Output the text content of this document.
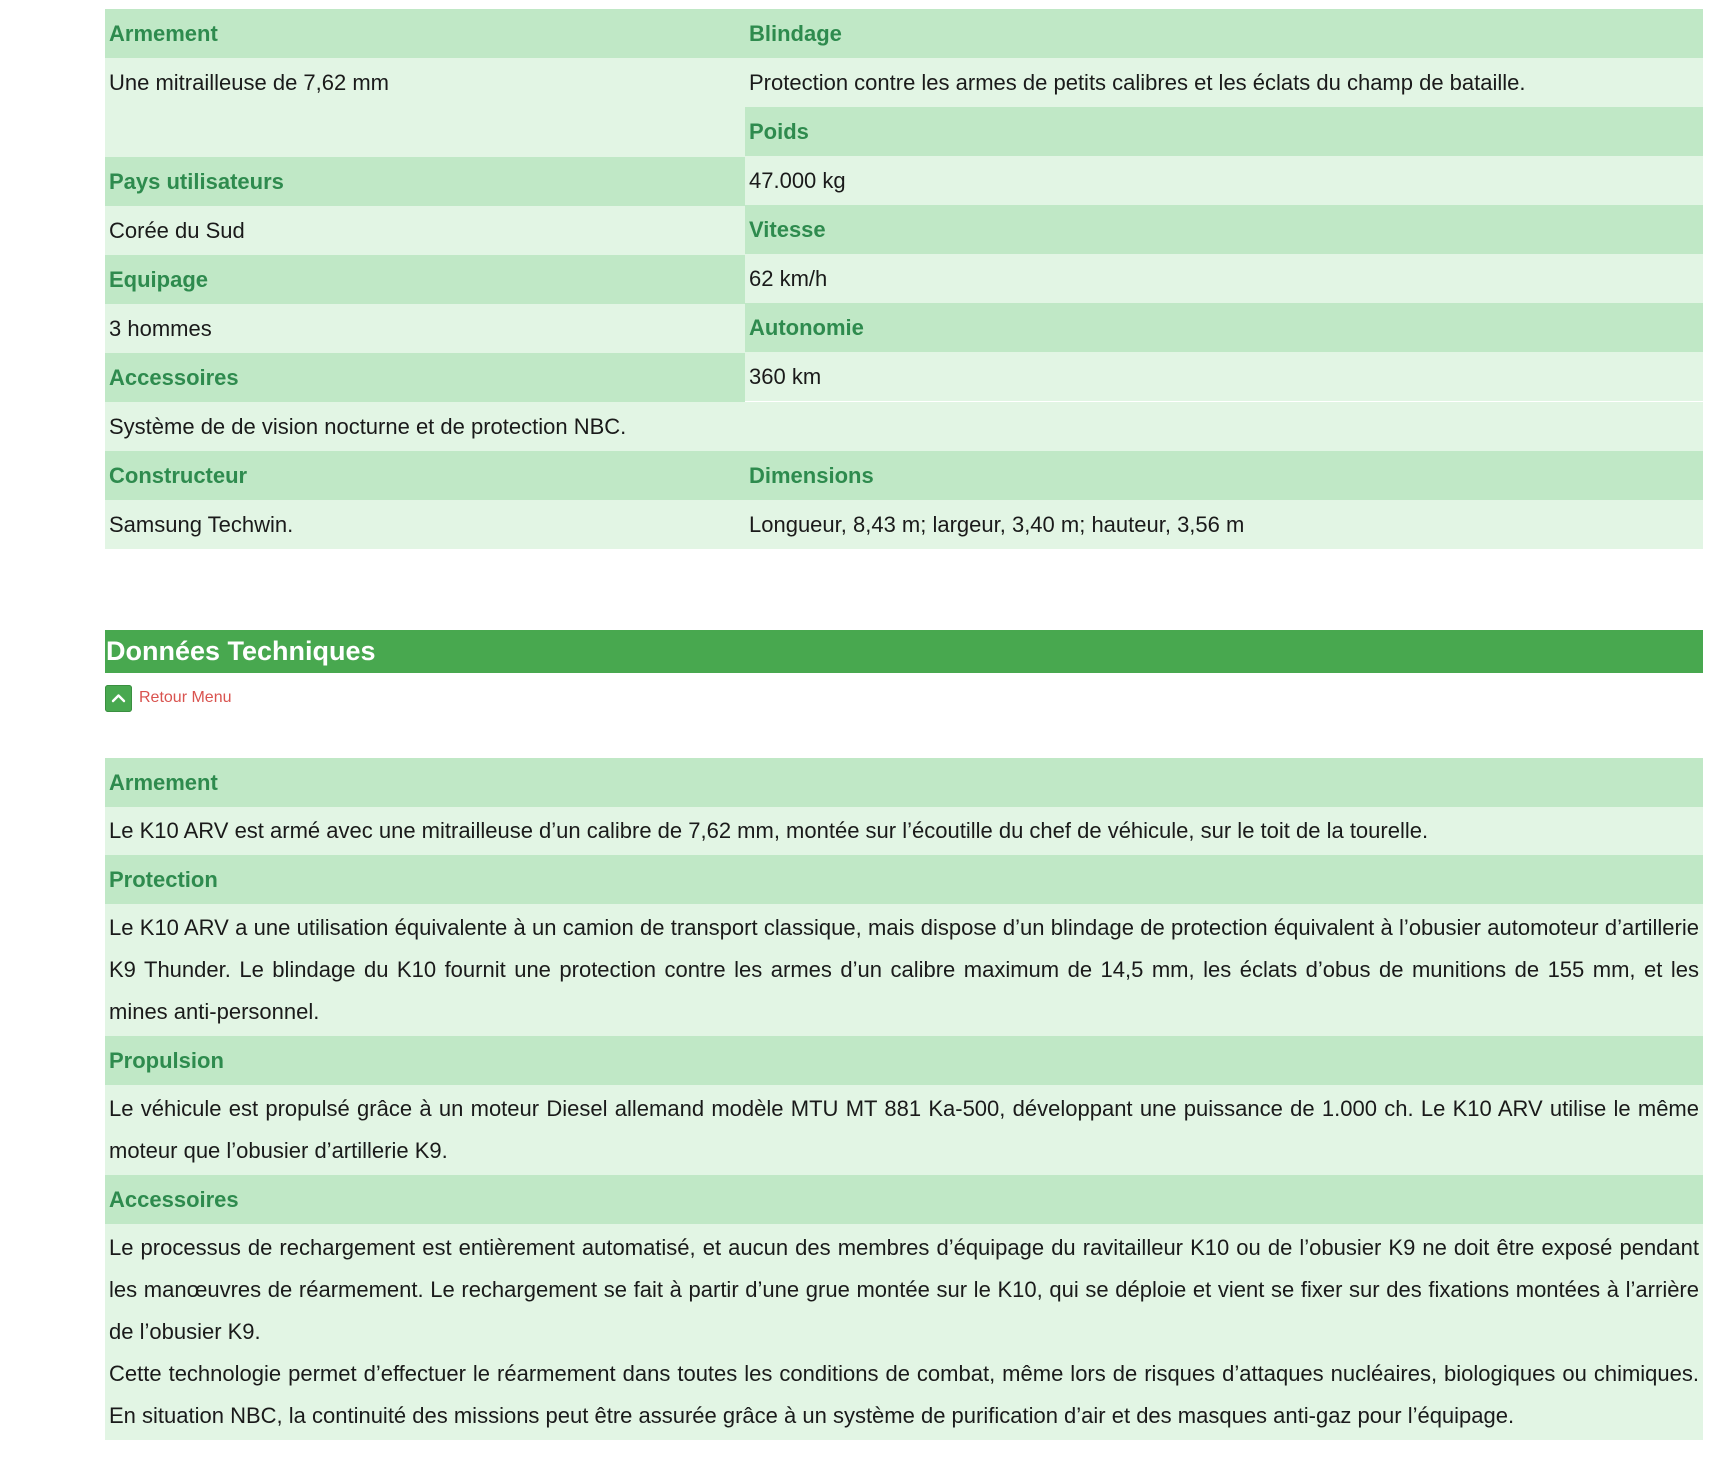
Armement
Une mitrailleuse de 7,62 mm
Pays utilisateurs
Corée du Sud
Equipage
3 hommes
Accessoires
Blindage
Protection contre les armes de petits calibres et les éclats du champ de bataille.
Poids
47.000 kg
Vitesse
62 km/h
Autonomie
360 km
Système de de vision nocturne et de protection NBC.
Constructeur
Samsung Techwin.
Dimensions
Longueur, 8,43 m; largeur, 3,40 m; hauteur, 3,56 m
Données Techniques
Retour Menu
Armement

Le K10 ARV est armé avec une mitrailleuse d’un calibre de 7,62 mm, montée sur l’écoutille du chef de véhicule, sur le toit de la tourelle.

Protection

Le K10 ARV a une utilisation équivalente à un camion de transport classique, mais dispose d’un blindage de protection équivalent à l’obusier automoteur d’artillerie K9 Thunder. Le blindage du K10 fournit une protection contre les armes d’un calibre maximum de 14,5 mm, les éclats d’obus de munitions de 155 mm, et les mines anti-personnel.

Propulsion

Le véhicule est propulsé grâce à un moteur Diesel allemand modèle MTU MT 881 Ka-500, développant une puissance de 1.000 ch. Le K10 ARV utilise le même moteur que l’obusier d’artillerie K9.

Accessoires

Le processus de rechargement est entièrement automatisé, et aucun des membres d’équipage du ravitailleur K10 ou de l’obusier K9 ne doit être exposé pendant les manœuvres de réarmement. Le rechargement se fait à partir d’une grue montée sur le K10, qui se déploie et vient se fixer sur des fixations montées à l’arrière de l’obusier K9.

Cette technologie permet d’effectuer le réarmement dans toutes les conditions de combat, même lors de risques d’attaques nucléaires, biologiques ou chimiques. En situation NBC, la continuité des missions peut être assurée grâce à un système de purification d’air et des masques anti-gaz pour l’équipage.
